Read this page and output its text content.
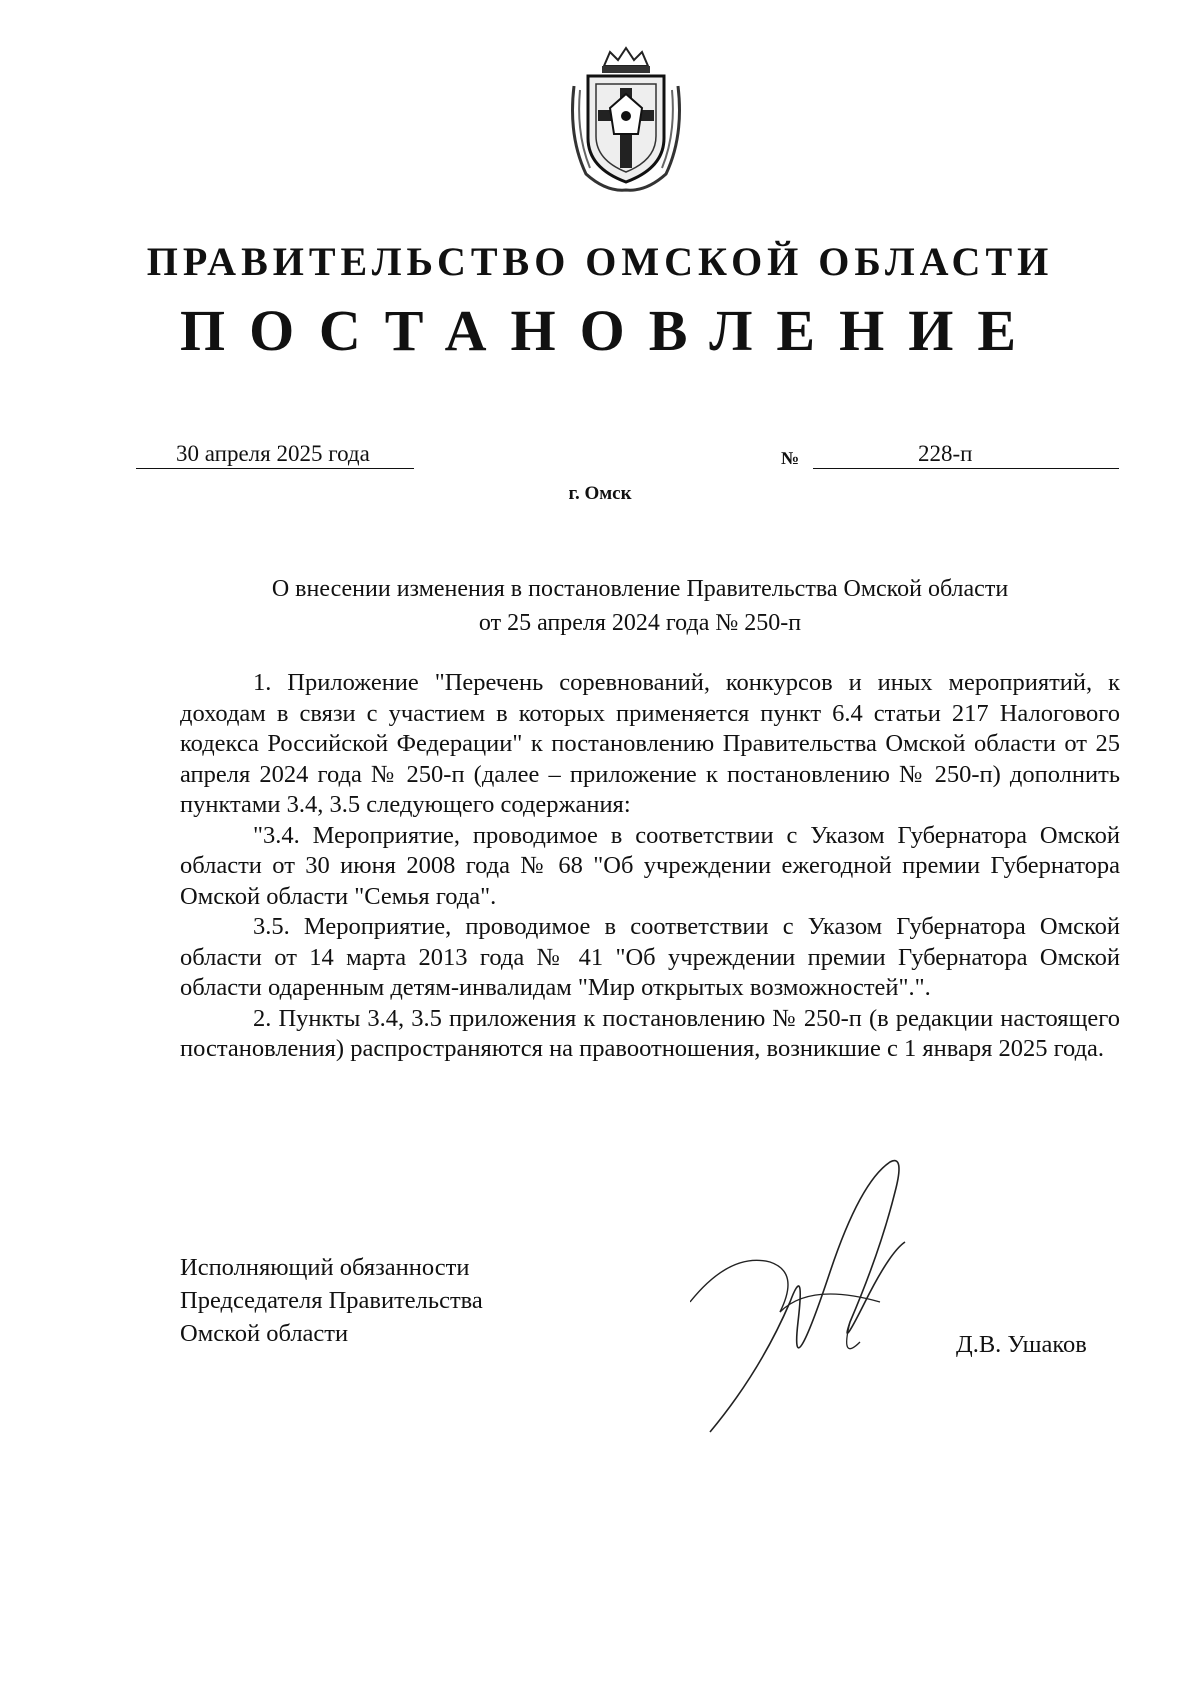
ПРАВИТЕЛЬСТВО ОМСКОЙ ОБЛАСТИ
ПОСТАНОВЛЕНИЕ
30 апреля 2025 года	№	228-п
г. Омск
О внесении изменения в постановление Правительства Омской области
от 25 апреля 2024 года № 250-п

1. Приложение "Перечень соревнований, конкурсов и иных мероприятий, к доходам в связи с участием в которых применяется пункт 6.4 статьи 217 Налогового кодекса Российской Федерации" к постановлению Правительства Омской области от 25 апреля 2024 года № 250-п (далее – приложение к постановлению № 250-п) дополнить пунктами 3.4, 3.5 следующего содержания:

"3.4. Мероприятие, проводимое в соответствии с Указом Губернатора Омской области от 30 июня 2008 года № 68 "Об учреждении ежегодной премии Губернатора Омской области "Семья года".

3.5. Мероприятие, проводимое в соответствии с Указом Губернатора Омской области от 14 марта 2013 года № 41 "Об учреждении премии Губернатора Омской области одаренным детям-инвалидам "Мир открытых возможностей".".

2. Пункты 3.4, 3.5 приложения к постановлению № 250-п (в редакции настоящего постановления) распространяются на правоотношения, возникшие с 1 января 2025 года.

Исполняющий обязанности
Председателя Правительства
Омской области	Д.В. Ушаков
